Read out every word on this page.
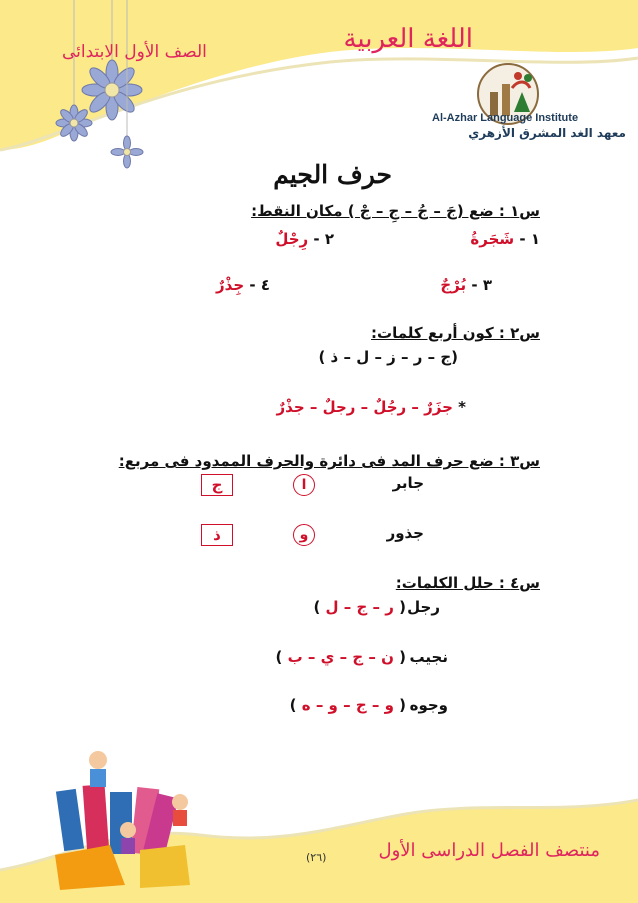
اللغة العربية
الصف الأول الابتدائى
Al-Azhar Language Institute
معهد الغد المشرق الأزهري
حرف الجيم
س١ : ضع (جَ – جُ – جِ – جْ ) مكان النقط:
١ - شَجَرةُ
٢ - رِجْلٌ
٣ - بُرْجٌ
٤ - جِذْرٌ
س٢ : كون أربع كلمات:
(ج – ر – ز – ل – ذ )
* جزَرٌ – رجُلٌ – رجلٌ – جذْرٌ
س٣ : ضع حرف المد فى دائرة والحرف الممدود فى مربع:
جابر
ا
ج
جذور
و
ذ
س٤ : حلل الكلمات:
رجل
( ر – ج – ل )
نجيب
( ن – ج – ي – ب )
وجوه
( و – ج – و – ه )
منتصف الفصل الدراسى الأول
(٢٦)
